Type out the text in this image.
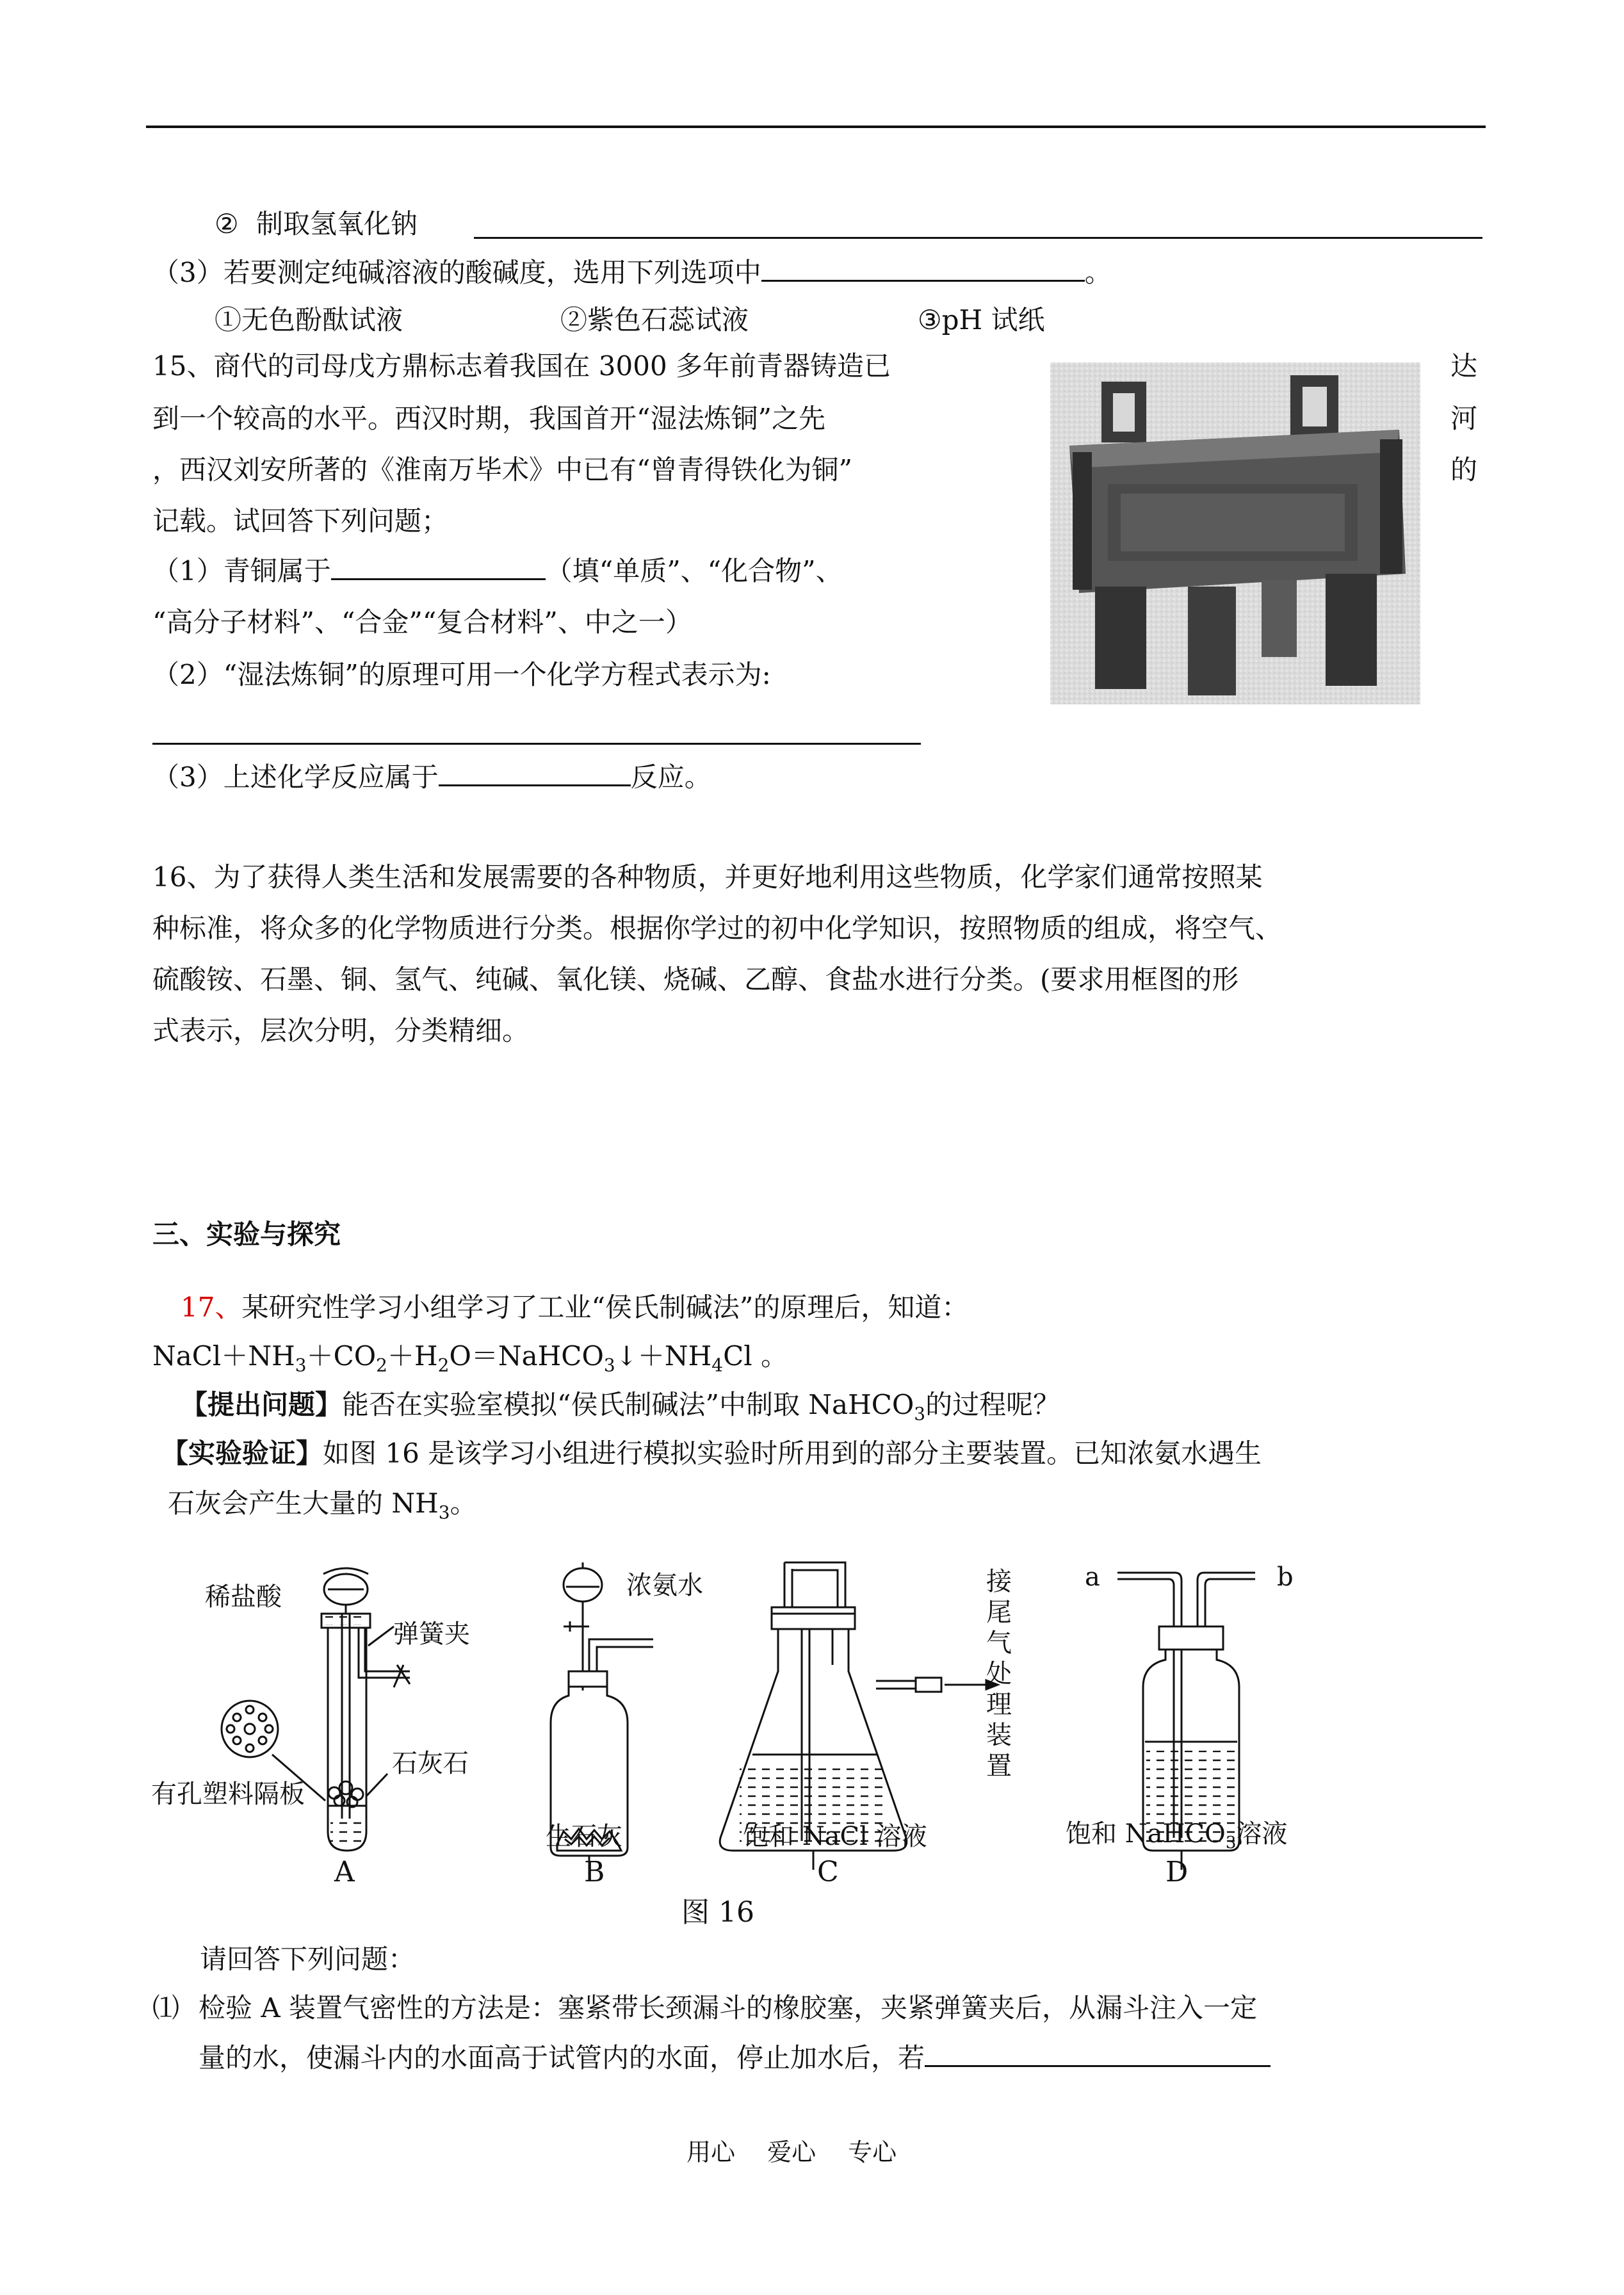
② 制取氢氧化钠
（3）若要测定纯碱溶液的酸碱度，选用下列选项中	。
①无色酚酞试液	②紫色石蕊试液	③pH 试纸
15、商代的司母戊方鼎标志着我国在 3000 多年前青器铸造已	达
到一个较高的水平。西汉时期，我国首开“湿法炼铜”之先	河
，西汉刘安所著的《淮南万毕术》中已有“曾青得铁化为铜”	的
记载。试回答下列问题；
（1）青铜属于	（填“单质”、“化合物”、
“高分子材料”、“合金”“复合材料”、中之一）
（2）“湿法炼铜”的原理可用一个化学方程式表示为:
（3）上述化学反应属于	反应。
16、为了获得人类生活和发展需要的各种物质，并更好地利用这些物质，化学家们通常按照某
种标准，将众多的化学物质进行分类。根据你学过的初中化学知识，按照物质的组成，将空气、
硫酸铵、石墨、铜、氢气、纯碱、氧化镁、烧碱、乙醇、食盐水进行分类。(要求用框图的形
式表示，层次分明，分类精细。
三、实验与探究
17、某研究性学习小组学习了工业“侯氏制碱法”的原理后，知道：
$NaCl+NH_3+CO_2+H_2O=NaHCO_3↓+NH_4Cl$ 。
【提出问题】能否在实验室模拟“侯氏制碱法”中制取 NaHCO$_3$的过程呢？
【实验验证】如图 16 是该学习小组进行模拟实验时所用到的部分主要装置。已知浓氨水遇生
石灰会产生大量的 $NH_3$。
稀盐酸
弹簧夹
石灰石
有孔塑料隔板
A
浓氨水
生石灰
B
饱和 NaCl 溶液
接尾气处理装置
C
a	b
饱和 NaHCO$_3$溶液
D
图 16
请回答下列问题：
⑴ 检验 A 装置气密性的方法是：塞紧带长颈漏斗的橡胶塞，夹紧弹簧夹后，从漏斗注入一定
量的水，使漏斗内的水面高于试管内的水面，停止加水后，若
用心　 爱心　 专心
